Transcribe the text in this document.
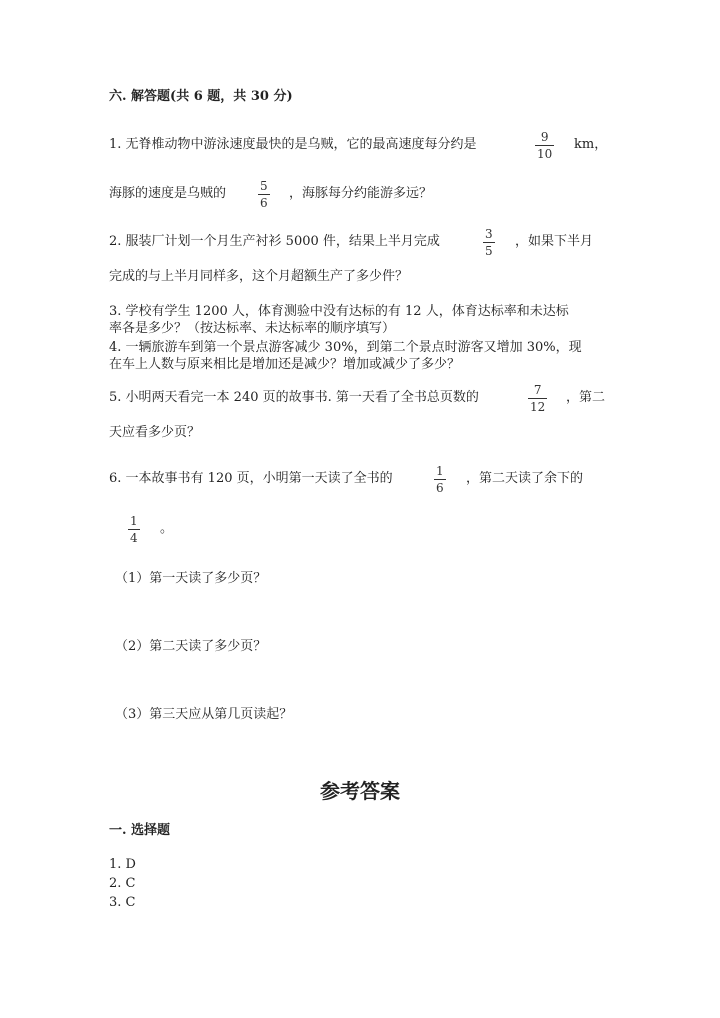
六. 解答题(共 6 题，共 30 分)
1. 无脊椎动物中游泳速度最快的是乌贼，它的最高速度每分约是	9
10
km，
海豚的速度是乌贼的	5
6
，海豚每分约能游多远？
2. 服装厂计划一个月生产衬衫 5000 件，结果上半月完成	3
5
，如果下半月
完成的与上半月同样多，这个月超额生产了多少件？
3. 学校有学生 1200 人，体育测验中没有达标的有 12 人，体育达标率和未达标
率各是多少？（按达标率、未达标率的顺序填写）
4. 一辆旅游车到第一个景点游客减少 30%，到第二个景点时游客又增加 30%，现
在车上人数与原来相比是增加还是减少？增加或减少了多少？
5. 小明两天看完一本 240 页的故事书. 第一天看了全书总页数的	7
12
，第二
天应看多少页？
6. 一本故事书有 120 页，小明第一天读了全书的	1
6
，第二天读了余下的
1
4
。
（1）第一天读了多少页？
（2）第二天读了多少页？
（3）第三天应从第几页读起？
参考答案
一. 选择题
1. D
2. C
3. C
